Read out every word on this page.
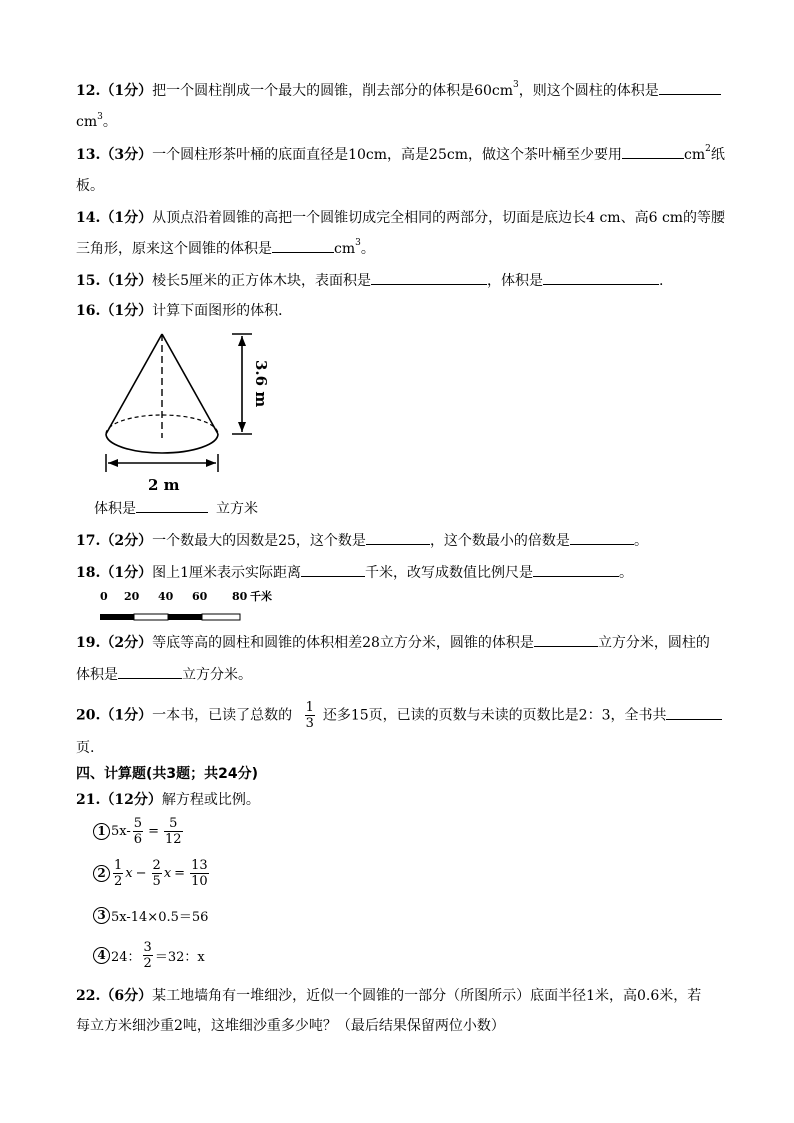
12.（1分）把一个圆柱削成一个最大的圆锥，削去部分的体积是$60cm^3$，则这个圆柱的体积是
$cm^3$。
13.（3分）一个圆柱形茶叶桶的底面直径是10cm，高是25cm，做这个茶叶桶至少要用	$cm^2$纸
板。
14.（1分）从顶点沿着圆锥的高把一个圆锥切成完全相同的两部分，切面是底边长4 cm、高6 cm的等腰
三角形，原来这个圆锥的体积是	$cm^3$。
15.（1分）棱长5厘米的正方体木块，表面积是	，体积是	.
16.（1分）计算下面图形的体积．
3.6 m
2 m
体积是	立方米
17.（2分）一个数最大的因数是25，这个数是	，这个数最小的倍数是	。
18.（1分）图上1厘米表示实际距离	千米，改写成数值比例尺是	。
0 20 40 60 80 千米
19.（2分）等底等高的圆柱和圆锥的体积相差28立方分米，圆锥的体积是	立方分米，圆柱的
体积是	立方分米。
20.（1分）一本书，已读了总数的 $\frac{1}{3}$ 还多15页，已读的页数与未读的页数比是2：3，全书共
页.
四、计算题(共3题；共24分)
21.（12分）解方程或比例。
1 $5x- \frac{5}{6} = \frac{5}{12}$
$2 \frac{1}{2}$ $x - \frac{2}{5}$ $x = \frac{13}{10}$
3 5x-14×0.5＝56
4 24： $\frac{3}{2} =32$：x
22.（6分）某工地墙角有一堆细沙，近似一个圆锥的一部分（所图所示）底面半径1米，高0.6米，若
每立方米细沙重2吨，这堆细沙重多少吨？（最后结果保留两位小数）
